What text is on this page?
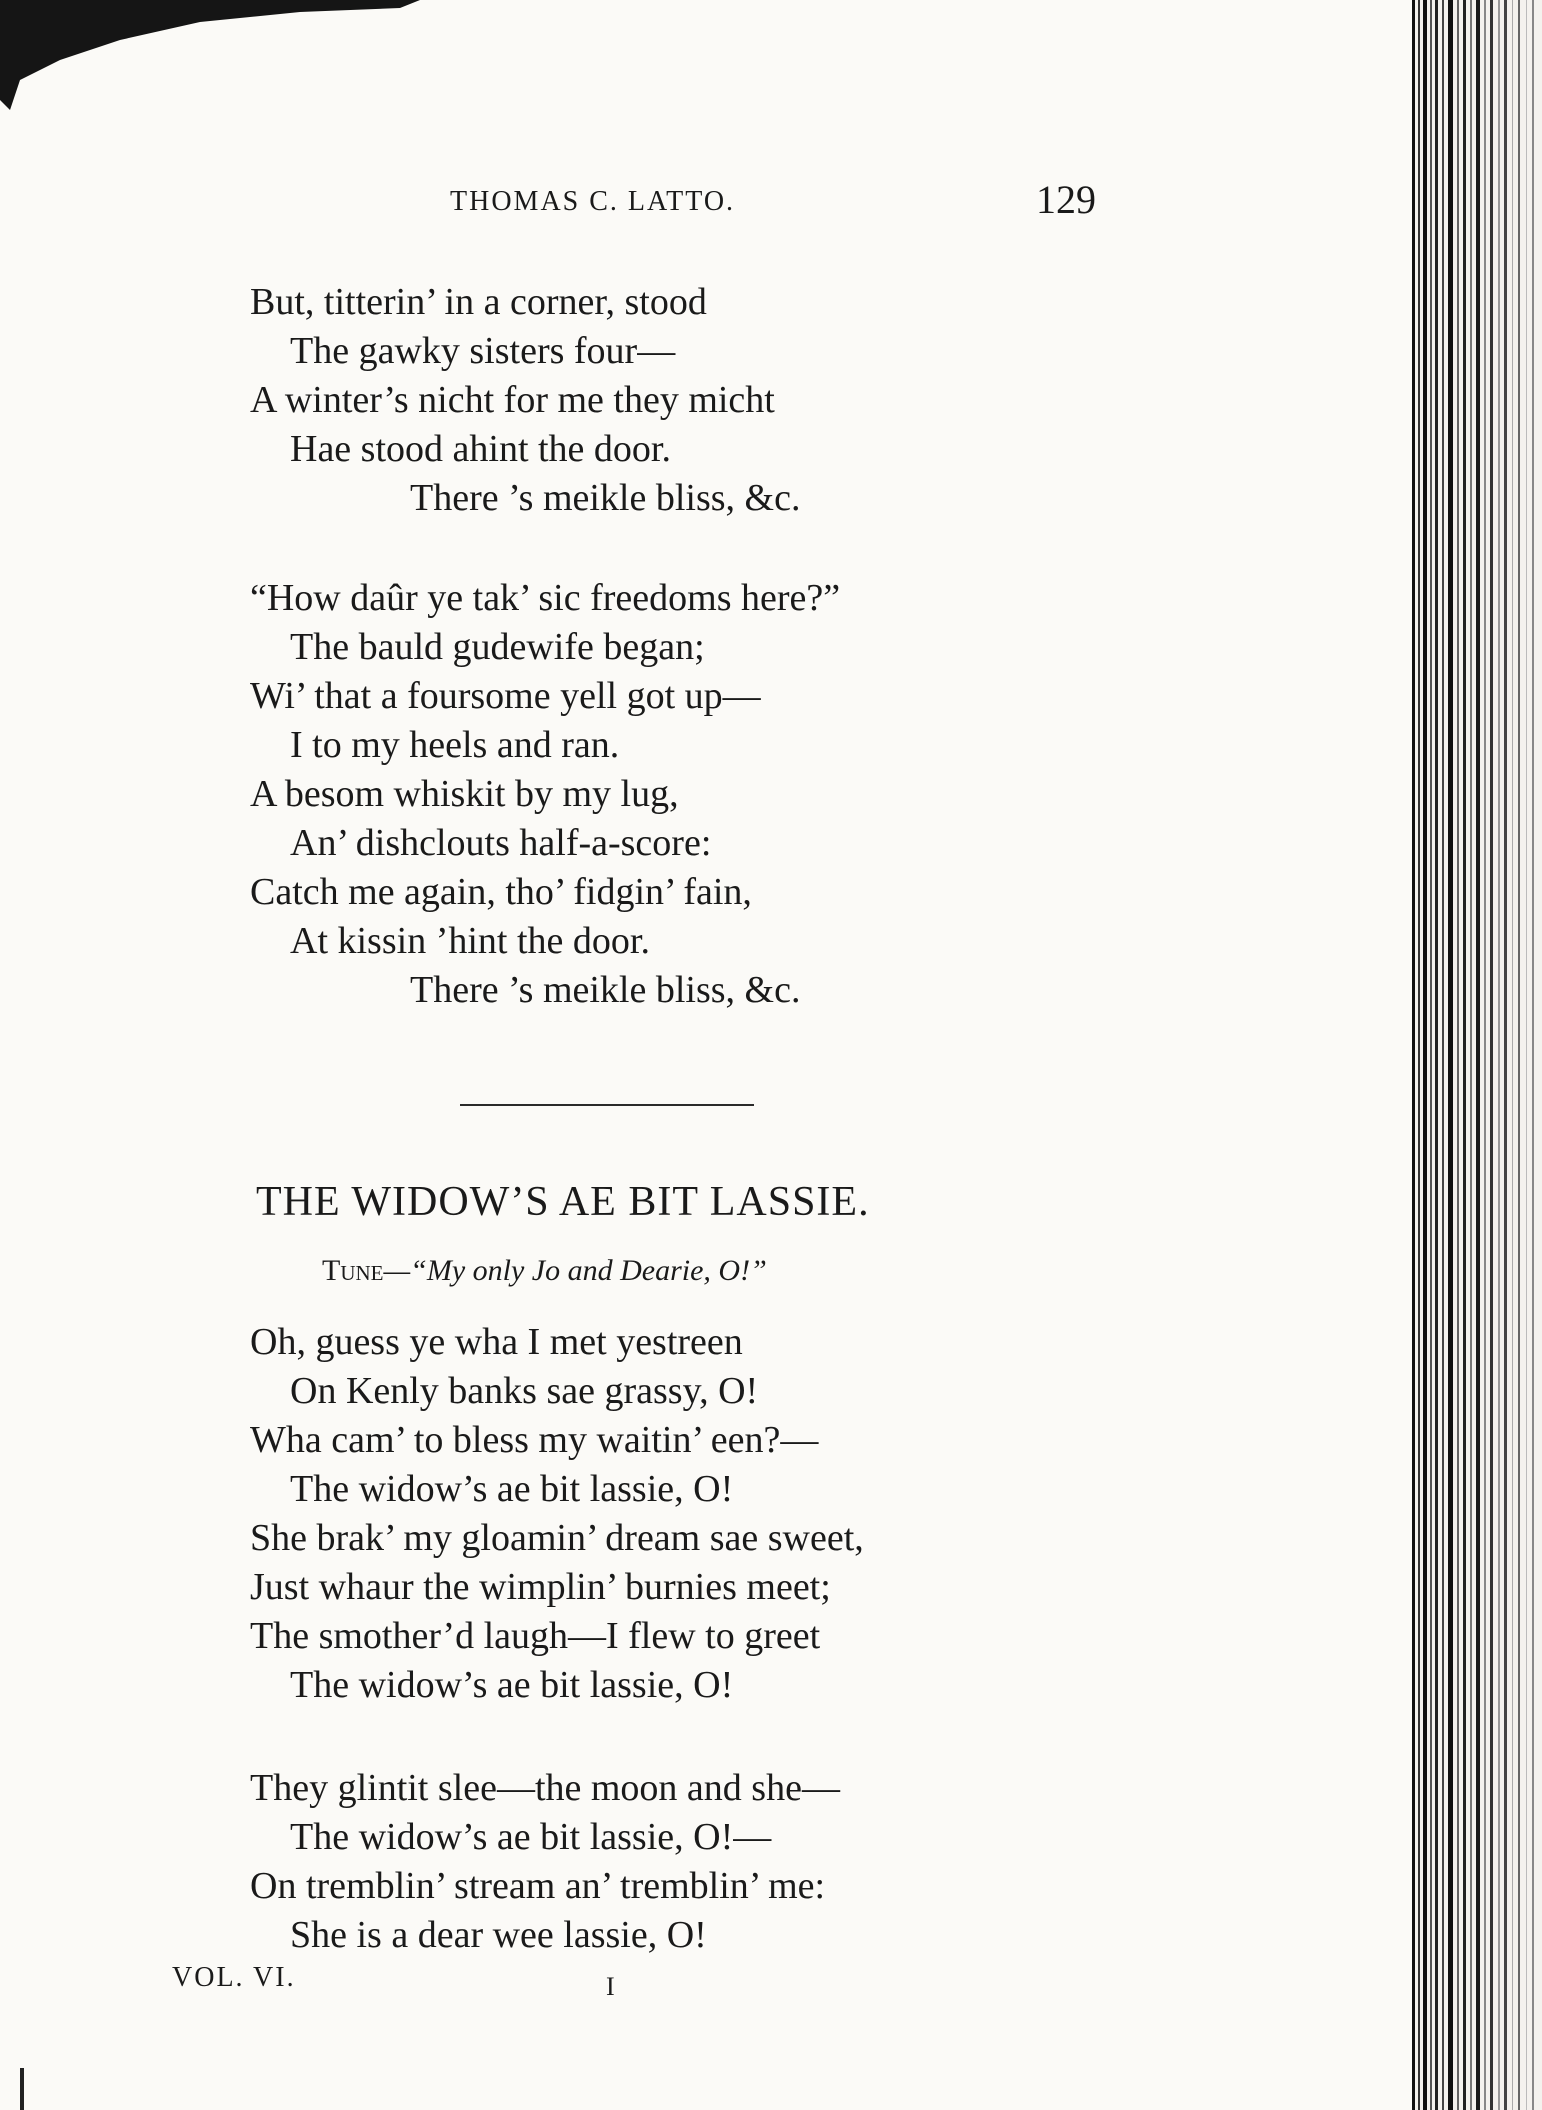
THOMAS C. LATTO.	129
But, titterin’ in a corner, stood
The gawky sisters four—
A winter’s nicht for me they micht
Hae stood ahint the door.
There ’s meikle bliss, &c.
“How daûr ye tak’ sic freedoms here?”
The bauld gudewife began;
Wi’ that a foursome yell got up—
I to my heels and ran.
A besom whiskit by my lug,
An’ dishclouts half-a-score:
Catch me again, tho’ fidgin’ fain,
At kissin ’hint the door.
There ’s meikle bliss, &c.
THE WIDOW’S AE BIT LASSIE.
Tune—“My only Jo and Dearie, O!”
Oh, guess ye wha I met yestreen
On Kenly banks sae grassy, O!
Wha cam’ to bless my waitin’ een?—
The widow’s ae bit lassie, O!
She brak’ my gloamin’ dream sae sweet,
Just whaur the wimplin’ burnies meet;
The smother’d laugh—I flew to greet
The widow’s ae bit lassie, O!
They glintit slee—the moon and she—
The widow’s ae bit lassie, O!—
On tremblin’ stream an’ tremblin’ me:
She is a dear wee lassie, O!
VOL. VI.	I
